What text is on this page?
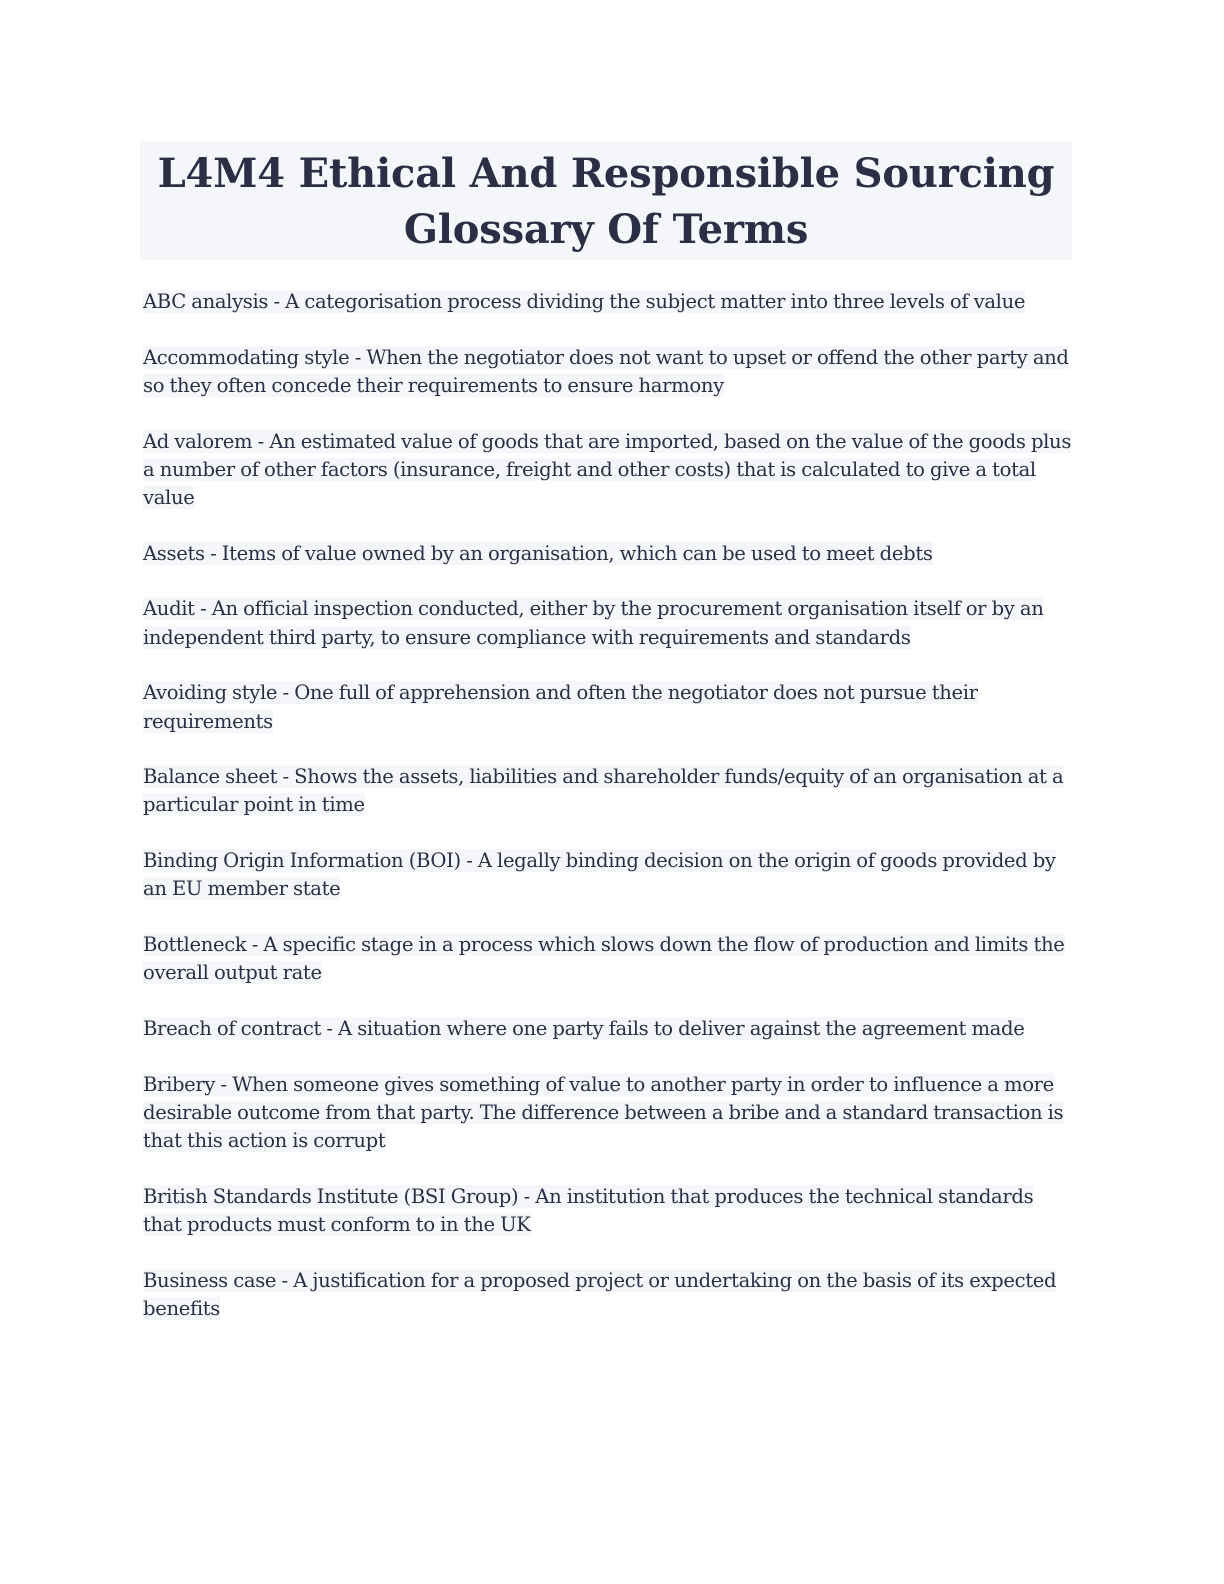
L4M4 Ethical And Responsible Sourcing
Glossary Of Terms

ABC analysis - A categorisation process dividing the subject matter into three levels of value

Accommodating style - When the negotiator does not want to upset or offend the other party and so they often concede their requirements to ensure harmony

Ad valorem - An estimated value of goods that are imported, based on the value of the goods plus a number of other factors (insurance, freight and other costs) that is calculated to give a total value

Assets - Items of value owned by an organisation, which can be used to meet debts

Audit - An official inspection conducted, either by the procurement organisation itself or by an independent third party, to ensure compliance with requirements and standards

Avoiding style - One full of apprehension and often the negotiator does not pursue their requirements

Balance sheet - Shows the assets, liabilities and shareholder funds/equity of an organisation at a particular point in time

Binding Origin Information (BOI) - A legally binding decision on the origin of goods provided by an EU member state

Bottleneck - A specific stage in a process which slows down the flow of production and limits the overall output rate

Breach of contract - A situation where one party fails to deliver against the agreement made

Bribery - When someone gives something of value to another party in order to influence a more desirable outcome from that party. The difference between a bribe and a standard transaction is that this action is corrupt

British Standards Institute (BSI Group) - An institution that produces the technical standards that products must conform to in the UK

Business case - A justification for a proposed project or undertaking on the basis of its expected benefits
